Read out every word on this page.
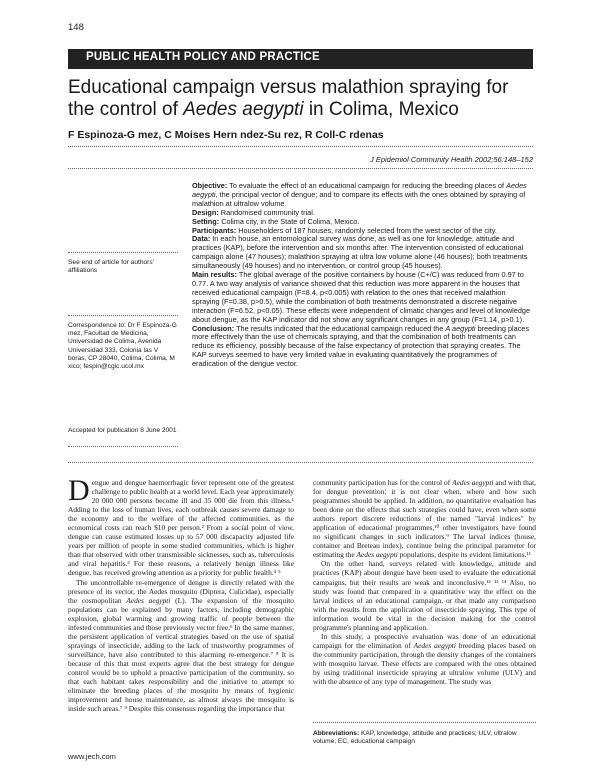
148
PUBLIC HEALTH POLICY AND PRACTICE
Educational campaign versus malathion spraying for the control of Aedes aegypti in Colima, Mexico
F Espinoza-G mez, C Moises Hern ndez-Su rez, R Coll-C rdenas
J Epidemiol Community Health 2002;56:148–152

Objective: To evaluate the effect of an educational campaign for reducing the breeding places of Aedes aegypti, the principal vector of dengue; and to compare its effects with the ones obtained by spraying of malathion at ultralow volume.

Design: Randomised community trial.

Setting: Colima city, in the State of Colima, Mexico.

Participants: Householders of 187 houses, randomly selected from the west sector of the city.

Data: In each house, an entomological survey was done, as well as one for knowledge, attitude and practices (KAP), before the intervention and six months after. The intervention consisted of educational campaign alone (47 houses); malathion spraying at ultra low volume alone (46 houses); both treatments simultaneously (49 houses) and no intervention, or control group (45 houses).

Main results: The global average of the positive containers by house (C+/C) was reduced from 0.97 to 0.77. A two way analysis of variance showed that this reduction was more apparent in the houses that received educational campaign (F=8.4, p<0.005) with relation to the ones that received malathion spraying (F=0.38, p>0.5), while the combination of both treatments demonstrated a discrete negative interaction (F=6.52, p<0.05). These effects were independent of climatic changes and level of knowledge about dengue, as the KAP indicator did not show any significant changes in any group (F=1.14, p>0.1).

Conclusion: The results indicated that the educational campaign reduced the A aegypti breeding places more effectively than the use of chemicals spraying, and that the combination of both treatments can reduce its efficiency, possibly because of the false expectancy of protection that spraying creates. The KAP surveys seemed to have very limited value in evaluating quantitatively the programmes of eradication of the dengue vector.

See end of article for authors' affiliations
Correspondence to: Dr F Espinoza-G mez, Facultad de Medicina, Universidad de Colima, Avenida Universidad 333, Colonia las V boras, CP 28040, Colima, Colima, M xico; fespin@cgic.ucol.mx
Accepted for publication 8 June 2001

Dengue and dengue haemorrhagic fever represent one of the greatest challenge to public health at a world level. Each year approximately 20 000 000 persons become ill and 35 000 die from this illness.¹ Adding to the loss of human lives, each outbreak causes severe damage to the economy and to the welfare of the affected communities, as the economical costs can reach $10 per person.² From a social point of view, dengue can cause estimated losses up to 57 000 discapacity adjusted life years per million of people in some studied communities, which is higher than that observed with other transmissible sicknesses, such as, tuberculosis and viral hepatitis.³ For these reasons, a relatively benign illness like dengue, has received growing attention as a priority for public health.⁴ ⁵

The uncontrollable re-emergence of dengue is directly related with the presence of its vector, the Aedes mosquito (Diptera, Culicidae), especially the cosmopolitan Aedes aegypti (L). The expansion of the mosquito populations can be explained by many factors, including demographic explosion, global warming and growing traffic of people between the infested communities and those previously vector free.⁶ In the same manner, the persistent application of vertical strategies based on the use of spatial sprayings of insecticide, adding to the lack of trustworthy programmes of surveillance, have also contributed to this alarming re-emergence.⁷ ⁸ It is because of this that most experts agree that the best strategy for dengue control would be to uphold a proactive participation of the community, so that each habitant takes responsibility and the initiative to attempt to eliminate the breeding places of the mosquito by means of hygienic improvement and house maintenance, as almost always the mosquito is inside such areas.⁷ ⁹ Despite this consensus regarding the importance that

community participation has for the control of Aedes aegypti and with that, for dengue prevention; it is not clear when, where and how such programmes should be applied. In addition, no quantitative evaluation has been done on the effects that such strategies could have, even when some authors report discrete reductions of the named "larval indices" by application of educational programmes,¹⁰ other investigators have found no significant changes in such indicators.⁹ The larval indices (house, container and Breteau index), continue being the principal parameter for estimating the Aedes aegypti populations, despite its evident limitations.¹¹

On the other hand, surveys related with knowledge, attitude and practices (KAP) about dengue have been used to evaluate the educational campaigns, but their results are weak and inconclusive.¹² ¹³ ¹⁴ Also, no study was found that compared in a quantitative way the effect on the larval indices of an educational campaign, or that made any comparison with the results from the application of insecticide spraying. This type of information would be vital in the decision making for the control programme's planning and application.

In this study, a prospective evaluation was done of an educational campaign for the elimination of Aedes aegypti breeding places based on the community participation, through the density changes of the containers with mosquito larvae. These effects are compared with the ones obtained by using traditional insecticide spraying at ultralow volume (ULV) and with the absence of any type of management. The study was

Abbreviations: KAP, knowledge, attitude and practices; ULV, ultralow volume; EC, educational campaign
www.jech.com
